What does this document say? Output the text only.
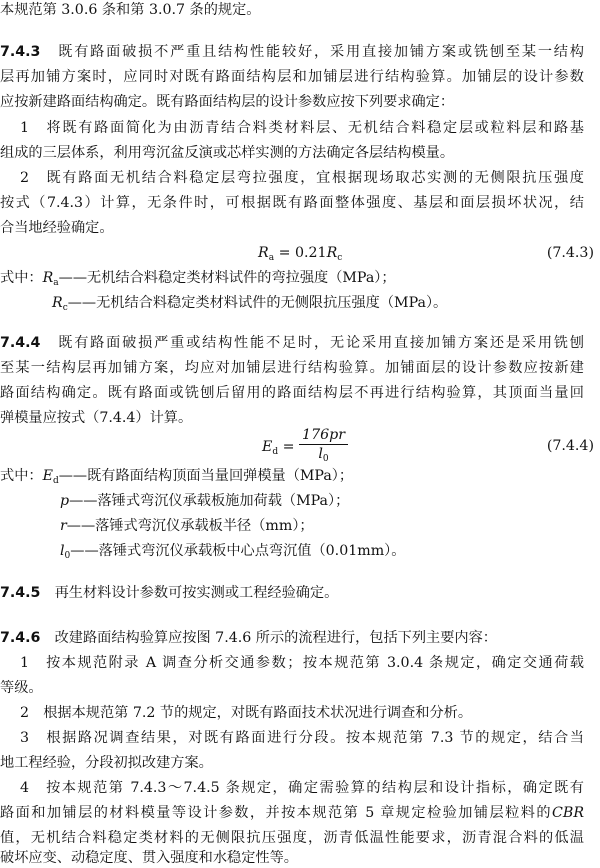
本规范第 3.0.6 条和第 3.0.7 条的规定。
7.4.3　 既有路面破损不严重且结构性能较好，采用直接加铺方案或铣刨至某一结构
层再加铺方案时，应同时对既有路面结构层和加铺层进行结构验算。加铺层的设计参数
应按新建路面结构确定。既有路面结构层的设计参数应按下列要求确定：
1　将既有路面简化为由沥青结合料类材料层、无机结合料稳定层或粒料层和路基
组成的三层体系，利用弯沉盆反演或芯样实测的方法确定各层结构模量。
2　既有路面无机结合料稳定层弯拉强度，宜根据现场取芯实测的无侧限抗压强度
按式（7.4.3）计算，无条件时，可根据既有路面整体强度、基层和面层损坏状况，结
合当地经验确定。
$R_a = 0.21R_c$	(7.4.3)
式中：$R_a——$无机结合料稳定类材料试件的弯拉强度（MPa）；
$R_c——$无机结合料稳定类材料试件的无侧限抗压强度（MPa）。
7.4.4　 既有路面破损严重或结构性能不足时，无论采用直接加铺方案还是采用铣刨
至某一结构层再加铺方案，均应对加铺层进行结构验算。加铺面层的设计参数应按新建
路面结构确定。既有路面或铣刨后留用的路面结构层不再进行结构验算，其顶面当量回
弹模量应按式（7.4.4）计算。
$E_d = \frac{176pr}{l_0}$	(7.4.4)
式中：$E_d——$既有路面结构顶面当量回弹模量（MPa）；
p——落锤式弯沉仪承载板施加荷载（MPa）；
r——落锤式弯沉仪承载板半径（mm）；
$l_0——$落锤式弯沉仪承载板中心点弯沉值（0.01mm）。
7.4.5　 再生材料设计参数可按实测或工程经验确定。
7.4.6　 改建路面结构验算应按图 7.4.6 所示的流程进行，包括下列主要内容：
1　按本规范附录 A 调查分析交通参数；按本规范第 3.0.4 条规定，确定交通荷载
等级。
2　根据本规范第 7.2 节的规定，对既有路面技术状况进行调查和分析。
3　根据路况调查结果，对既有路面进行分段。按本规范第 7.3 节的规定，结合当
地工程经验，分段初拟改建方案。
4　按本规范第 7.4.3～7.4.5 条规定，确定需验算的结构层和设计指标，确定既有
路面和加铺层的材料模量等设计参数，并按本规范第 5 章规定检验加铺层粒料的CBR
值，无机结合料稳定类材料的无侧限抗压强度，沥青低温性能要求，沥青混合料的低温
破坏应变、动稳定度、贯入强度和水稳定性等。
